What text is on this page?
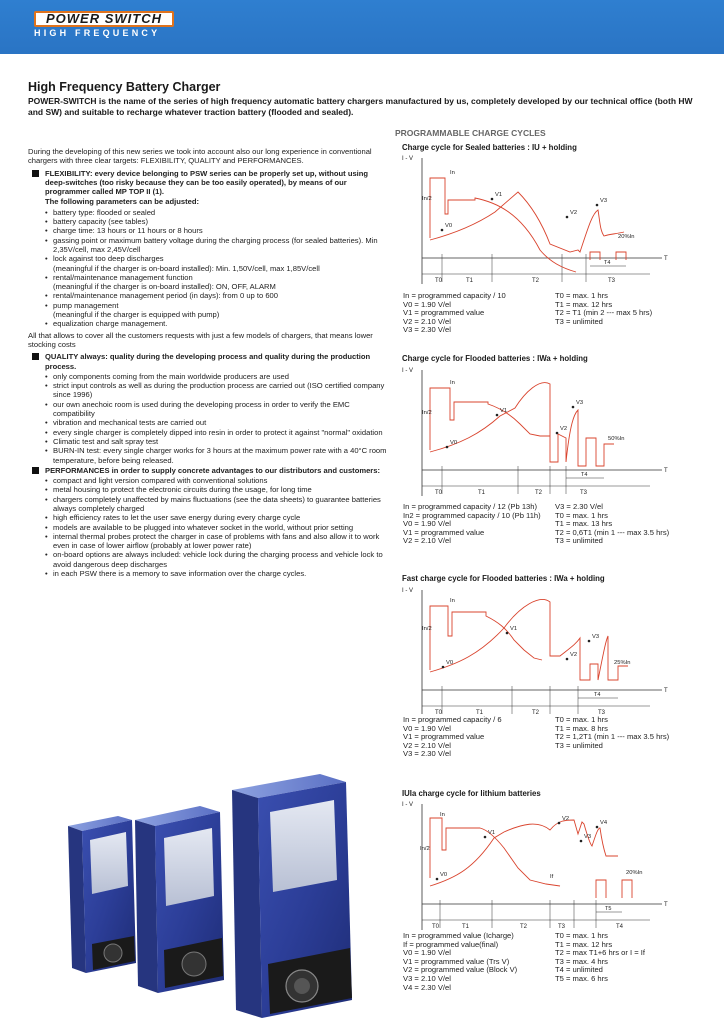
POWER SWITCH
HIGH FREQUENCY
High Frequency Battery Charger
POWER-SWITCH is the name of the series of high frequency automatic battery chargers manufactured by us, completely developed by our technical office (both HW and SW) and suitable to recharge whatever traction battery (flooded and sealed).
PROGRAMMABLE CHARGE CYCLES

During the developing of this new series we took into account also our long experience in conventional chargers with three clear targets: FLEXIBILITY, QUALITY and PERFORMANCES.

FLEXIBILITY: every device belonging to PSW series can be properly set up, without using deep-switches (too risky because they can be too easily operated), by means of our programmer called MP TOP II (1).
The following parameters can be adjusted:
• battery type: flooded or sealed
• battery capacity (see tables)
• charge time: 13 hours or 11 hours or 8 hours
• gassing point or maximum battery voltage during the charging process (for sealed batteries). Min 2,35V/cell, max 2,45V/cell
• lock against too deep discharges
(meaningful if the charger is on-board installed): Min. 1,50V/cell, max 1,85V/cell
• rental/maintenance management function
(meaningful if the charger is on-board installed): ON, OFF, ALARM
• rental/maintenance management period (in days): from 0 up to 600
• pump management
(meaningful if the charger is equipped with pump)
• equalization charge management.

All that allows to cover all the customers requests with just a few models of chargers, that means lower stocking costs

QUALITY always: quality during the developing process and quality during the production process.
• only components coming from the main worldwide producers are used
• strict input controls as well as during the production process are carried out (ISO certified company since 1996)
• our own anechoic room is used during the developing process in order to verify the EMC compatibility
• vibration and mechanical tests are carried out
• every single charger is completely dipped into resin in order to protect it against "normal" oxidation
• Climatic test and salt spray test
• BURN-IN test: every single charger works for 3 hours at the maximum power rate with a 40°C room temperature, before being released.
PERFORMANCES in order to supply concrete advantages to our distributors and customers:
• compact and light version compared with conventional solutions
• metal housing to protect the electronic circuits during the usage, for long time
• chargers completely unaffected by mains fluctuations (see the data sheets) to guarantee batteries always completely charged
• high efficiency rates to let the user save energy during every charge cycle
• models are available to be plugged into whatever socket in the world, without prior setting
• internal thermal probes protect the charger in case of problems with fans and also allow it to work even in case of lower airflow (probably at lower power rate)
• on-board options are always included: vehicle lock during the charging process and vehicle lock to avoid dangerous deep discharges
• in each PSW there is a memory to save information over the charge cycles.
Charge cycle for Sealed batteries : IU + holding
I - V
T
T0	T1	T2	T3
T4
In
In/2
V0
V1
V2
V3
20%In
In = programmed capacity / 10	T0 = max. 1 hrs
V0 = 1.90 V/el	T1 = max. 12 hrs
V1 = programmed value	T2 = T1 (min 2 --- max 5 hrs)
V2 = 2.10 V/el	T3 = unlimited
V3 = 2.30 V/el
Charge cycle for Flooded batteries : IWa + holding
I - V
T
T0	T1	T2	T3
T4
In
In/2
V0
V1
V2
V3
50%In
In = programmed capacity / 12 (Pb 13h)	V3 = 2.30 V/el
In2 = programmed capacity / 10 (Pb 11h)	T0 = max. 1 hrs
V0 = 1.90 V/el	T1 = max. 13 hrs
V1 = programmed value	T2 = 0,6T1 (min 1 --- max 3.5 hrs)
V2 = 2.10 V/el	T3 = unlimited
Fast charge cycle for Flooded batteries : IWa + holding
I - V
T
T0	T1	T2	T3
T4
In
In/2
V0
V1
V2
V3
25%In
In = programmed capacity / 6	T0 = max. 1 hrs
V0 = 1.90 V/el	T1 = max. 8 hrs
V1 = programmed value	T2 = 1,2T1 (min 1 --- max 3.5 hrs)
V2 = 2.10 V/el	T3 = unlimited
V3 = 2.30 V/el
IUIa charge cycle for lithium batteries
I - V
T
T0	T1	T2	T3	T4
T5
In
In/2
V0
V1
V2
V3
V4
If
20%In
In = programmed value (Icharge)	T0 = max. 1 hrs
If = programmed value(final)	T1 = max. 12 hrs
V0 = 1.90 V/el	T2 = max T1+6 hrs or I = If
V1 = programmed value (Trs V)	T3 = max. 4 hrs
V2 = programmed value (Block V)	T4 = unlimited
V3 = 2.10 V/el	T5 = max. 6 hrs
V4 = 2.30 V/el
